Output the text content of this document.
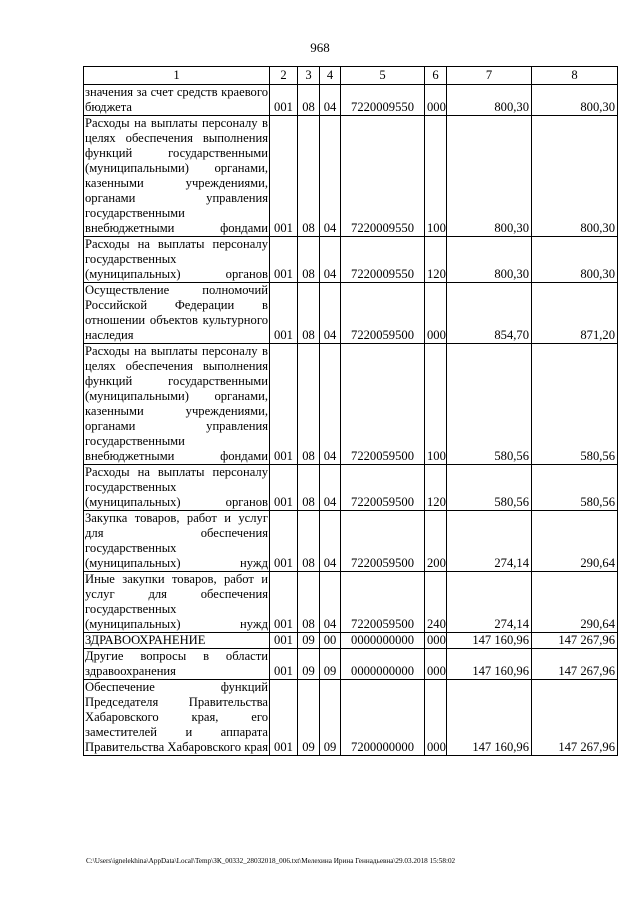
968
1	2	3	4	5	6	7	8
значения за счет средств краевого бюджета	001	08	04	7220009550	000	800,30	800,30
Расходы на выплаты персоналу в целях обеспечения выполнения функций государственными (муниципальными) органами, казенными учреждениями, органами управления государственными внебюджетными фондами	001	08	04	7220009550	100	800,30	800,30
Расходы на выплаты персоналу государственных (муниципальных) органов	001	08	04	7220009550	120	800,30	800,30
Осуществление полномочий Российской Федерации в отношении объектов культурного наследия	001	08	04	7220059500	000	854,70	871,20
Расходы на выплаты персоналу в целях обеспечения выполнения функций государственными (муниципальными) органами, казенными учреждениями, органами управления государственными внебюджетными фондами	001	08	04	7220059500	100	580,56	580,56
Расходы на выплаты персоналу государственных (муниципальных) органов	001	08	04	7220059500	120	580,56	580,56
Закупка товаров, работ и услуг для обеспечения государственных (муниципальных) нужд	001	08	04	7220059500	200	274,14	290,64
Иные закупки товаров, работ и услуг для обеспечения государственных (муниципальных) нужд	001	08	04	7220059500	240	274,14	290,64
ЗДРАВООХРАНЕНИЕ	001	09	00	0000000000	000	147 160,96	147 267,96
Другие вопросы в области здравоохранения	001	09	09	0000000000	000	147 160,96	147 267,96
Обеспечение функций Председателя Правительства Хабаровского края, его заместителей и аппарата Правительства Хабаровского края	001	09	09	7200000000	000	147 160,96	147 267,96
C:\Users\ignelekhina\AppData\Local\Temp\ЗК_00332_28032018_006.txt\Мелехина Ирина Геннадьевна\29.03.2018 15:58:02
